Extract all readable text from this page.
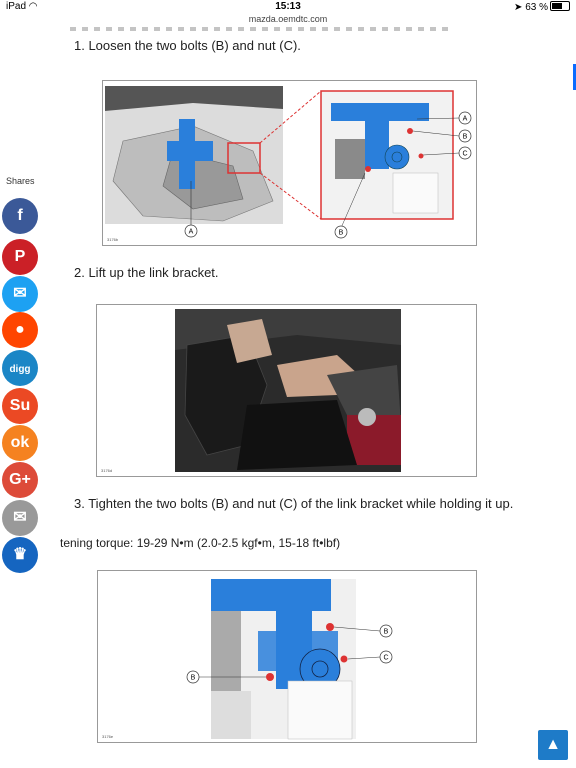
iPad ◠	15:13	➤ 63 %
mazda.oemdtc.com
1. Loosen the two bolts (B) and nut (C).
A
A
B
C
B
3176b
2. Lift up the link bracket.
3176d
3. Tighten the two bolts (B) and nut (C) of the link bracket while holding it up.
tening torque: 19-29 N•m (2.0-2.5 kgf•m, 15-18 ft•lbf)
B
C
B
3176e
Shares
f
P
✉
●
digg
Su
ok
G+
✉
♛
▲
